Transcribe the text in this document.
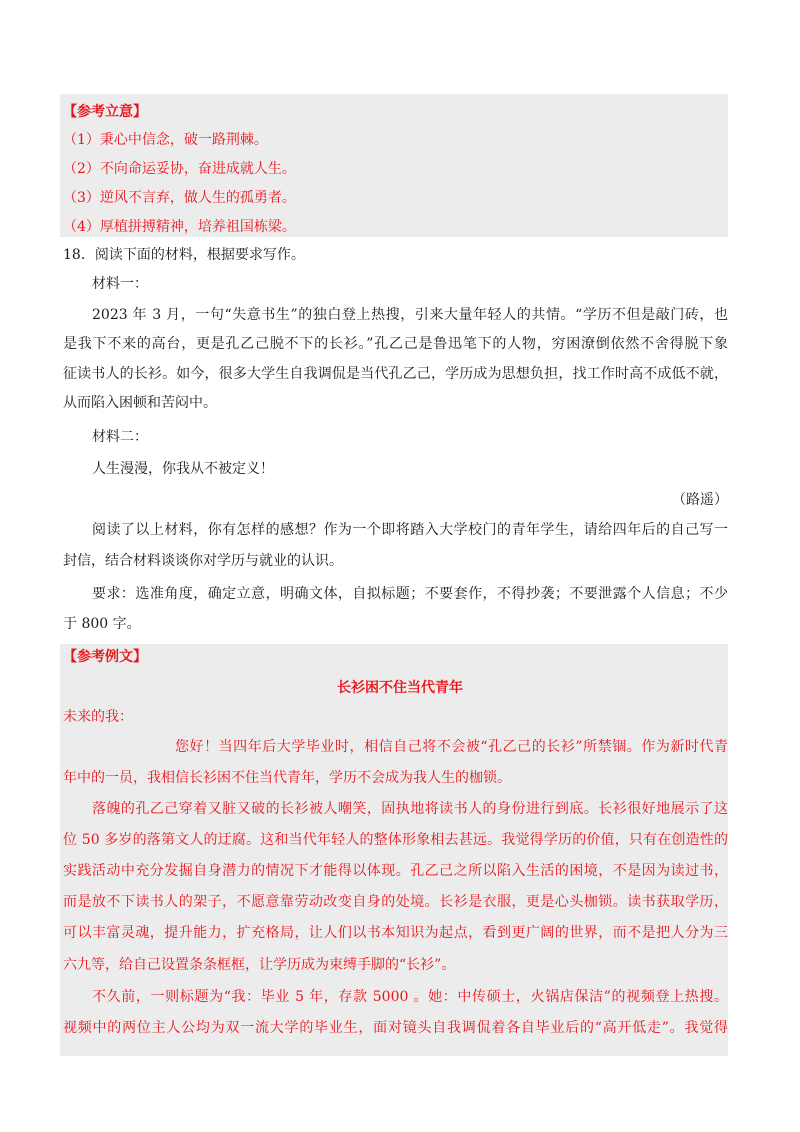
【参考立意】
（1）秉心中信念，破一路荆棘。
（2）不向命运妥协，奋进成就人生。
（3）逆风不言弃，做人生的孤勇者。
（4）厚植拼搏精神，培养祖国栋梁。
18．阅读下面的材料，根据要求写作。
材料一：
2023 年 3 月，一句“失意书生”的独白登上热搜，引来大量年轻人的共情。“学历不但是敲门砖，也
是我下不来的高台，更是孔乙己脱不下的长衫。”孔乙己是鲁迅笔下的人物，穷困潦倒依然不舍得脱下象
征读书人的长衫。如今，很多大学生自我调侃是当代孔乙己，学历成为思想负担，找工作时高不成低不就，
从而陷入困顿和苦闷中。
材料二：
人生漫漫，你我从不被定义！
（路遥）
阅读了以上材料，你有怎样的感想？作为一个即将踏入大学校门的青年学生，请给四年后的自己写一
封信，结合材料谈谈你对学历与就业的认识。
要求：选准角度，确定立意，明确文体，自拟标题；不要套作，不得抄袭；不要泄露个人信息；不少
于 800 字。
【参考例文】
长衫困不住当代青年
未来的我：
您好！当四年后大学毕业时，相信自己将不会被“孔乙己的长衫”所禁锢。作为新时代青
年中的一员，我相信长衫困不住当代青年，学历不会成为我人生的枷锁。
落魄的孔乙己穿着又脏又破的长衫被人嘲笑，固执地将读书人的身份进行到底。长衫很好地展示了这
位 50 多岁的落第文人的迂腐。这和当代年轻人的整体形象相去甚远。我觉得学历的价值，只有在创造性的
实践活动中充分发掘自身潜力的情况下才能得以体现。孔乙己之所以陷入生活的困境，不是因为读过书，
而是放不下读书人的架子，不愿意靠劳动改变自身的处境。长衫是衣服，更是心头枷锁。读书获取学历，
可以丰富灵魂，提升能力，扩充格局，让人们以书本知识为起点，看到更广阔的世界，而不是把人分为三
六九等，给自己设置条条框框，让学历成为束缚手脚的“长衫”。
不久前，一则标题为“我：毕业 5 年，存款 5000 。她：中传硕士，火锅店保洁”的视频登上热搜。
视频中的两位主人公均为双一流大学的毕业生，面对镜头自我调侃着各自毕业后的“高开低走”。我觉得
